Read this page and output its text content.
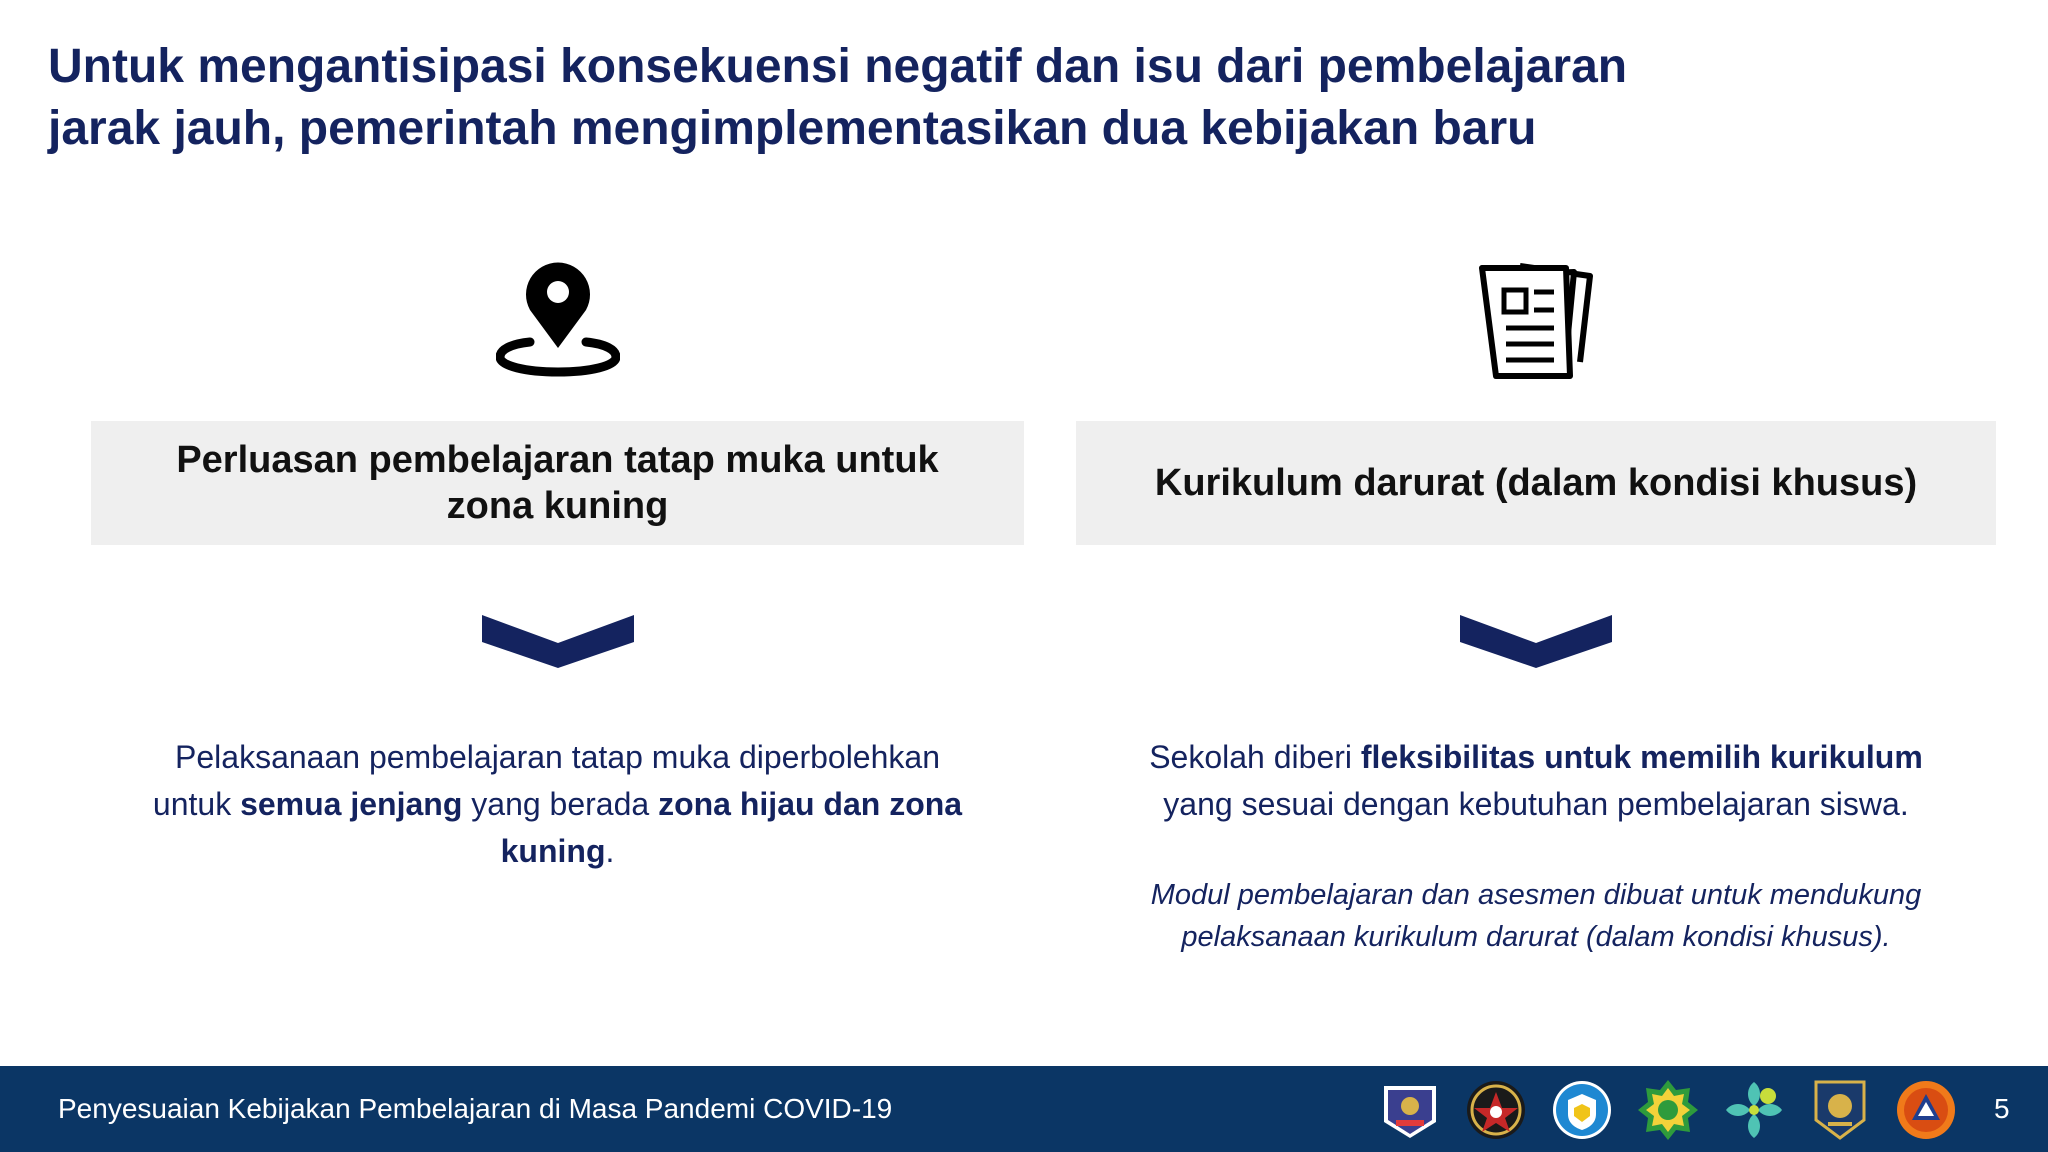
Untuk mengantisipasi konsekuensi negatif dan isu dari pembelajaran
jarak jauh, pemerintah mengimplementasikan dua kebijakan baru
Perluasan pembelajaran tatap muka untuk
zona kuning
Pelaksanaan pembelajaran tatap muka diperbolehkan
untuk semua jenjang yang berada zona hijau dan zona
kuning.
Kurikulum darurat (dalam kondisi khusus)
Sekolah diberi fleksibilitas untuk memilih kurikulum
yang sesuai dengan kebutuhan pembelajaran siswa.
Modul pembelajaran dan asesmen dibuat untuk mendukung
pelaksanaan kurikulum darurat (dalam kondisi khusus).
Penyesuaian Kebijakan Pembelajaran di Masa Pandemi COVID-19	5
